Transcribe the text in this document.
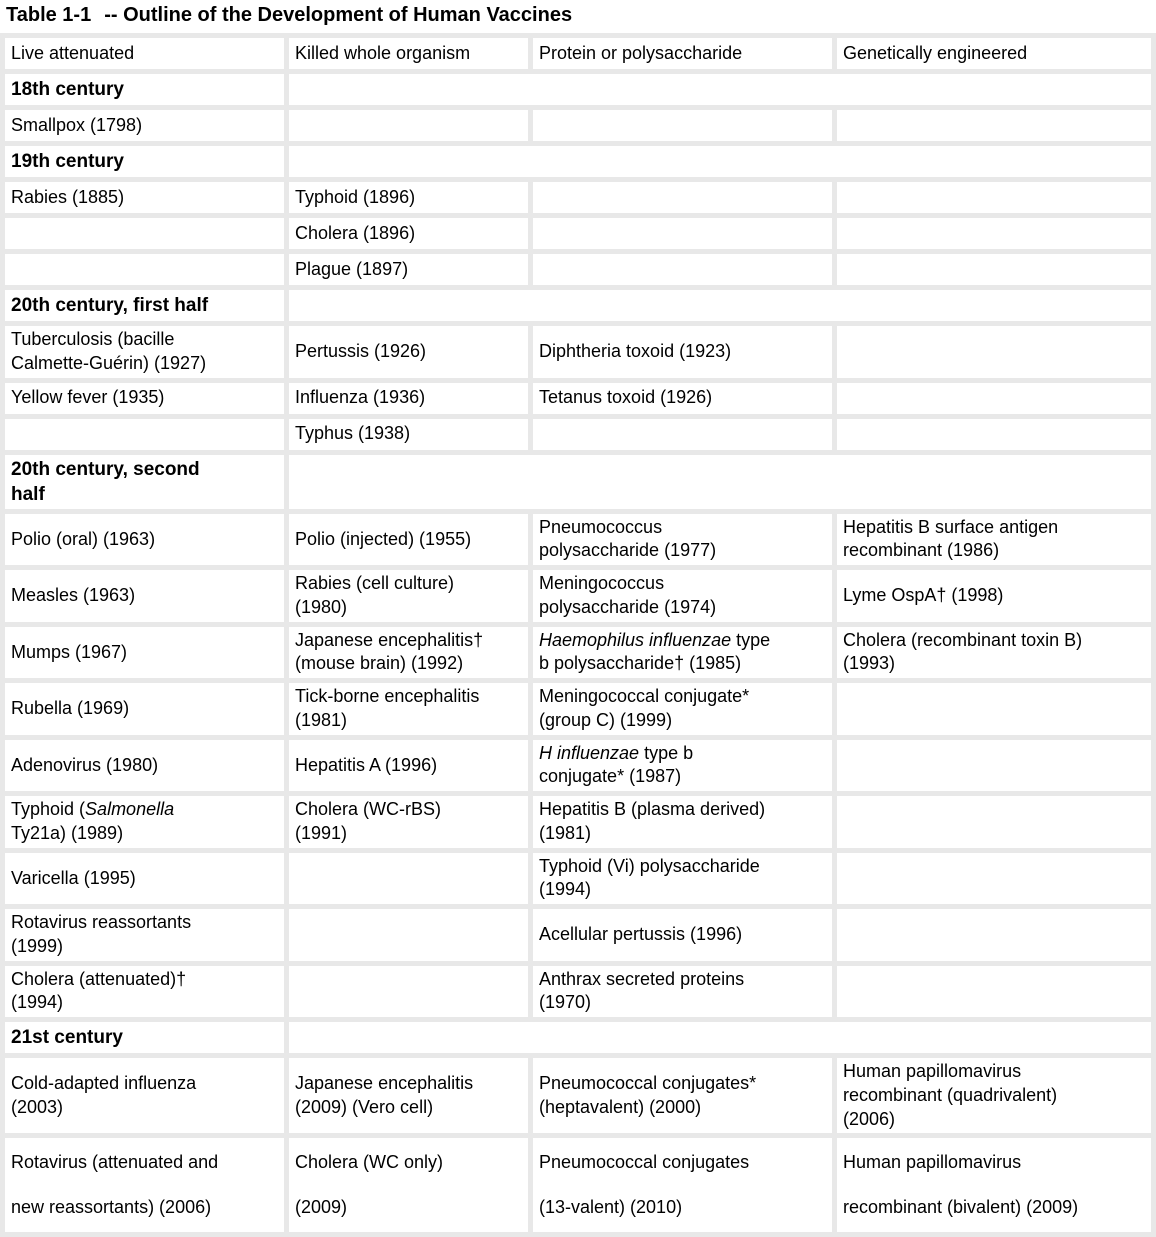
Table 1-1 -- Outline of the Development of Human Vaccines
Live attenuated	Killed whole organism	Protein or polysaccharide	Genetically engineered

18th century			

Smallpox (1798)			

19th century			

Rabies (1885)	Typhoid (1896)		

	Cholera (1896)		

	Plague (1897)		

20th century, first half			

Tuberculosis (bacille Calmette-Guérin) (1927)	Pertussis (1926)	Diphtheria toxoid (1923)	

Yellow fever (1935)	Influenza (1936)	Tetanus toxoid (1926)	

	Typhus (1938)		

20th century, second half			

Polio (oral) (1963)	Polio (injected) (1955)	Pneumococcus polysaccharide (1977)	Hepatitis B surface antigen recombinant (1986)

Measles (1963)	Rabies (cell culture) (1980)	Meningococcus polysaccharide (1974)	Lyme OspA† (1998)

Mumps (1967)	Japanese encephalitis† (mouse brain) (1992)	Haemophilus influenzae type b polysaccharide† (1985)	Cholera (recombinant toxin B) (1993)

Rubella (1969)	Tick-borne encephalitis (1981)	Meningococcal conjugate* (group C) (1999)	

Adenovirus (1980)	Hepatitis A (1996)	H influenzae type b conjugate* (1987)	

Typhoid (Salmonella Ty21a) (1989)	Cholera (WC-rBS) (1991)	Hepatitis B (plasma derived) (1981)	

Varicella (1995)		Typhoid (Vi) polysaccharide (1994)	

Rotavirus reassortants (1999)		Acellular pertussis (1996)	

Cholera (attenuated)† (1994)		Anthrax secreted proteins (1970)	

21st century			

Cold-adapted influenza (2003)	Japanese encephalitis (2009) (Vero cell)	Pneumococcal conjugates* (heptavalent) (2000)	Human papillomavirus recombinant (quadrivalent) (2006)

Rotavirus (attenuated and new reassortants) (2006)	Cholera (WC only) (2009)	Pneumococcal conjugates (13-valent) (2010)	Human papillomavirus recombinant (bivalent) (2009)
